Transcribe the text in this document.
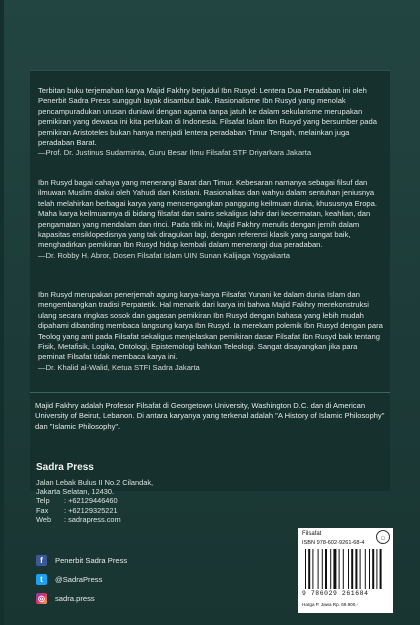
Terbitan buku terjemahan karya Majid Fakhry berjudul Ibn Rusyd: Lentera Dua Peradaban ini oleh Penerbit Sadra Press sungguh layak disambut baik. Rasionalisme Ibn Rusyd yang menolak pencampuradukan urusan duniawi dengan agama tanpa jatuh ke dalam sekularisme merupakan pemikiran yang dewasa ini kita perlukan di Indonesia. Filsafat Islam Ibn Rusyd yang bersumber pada pemikiran Aristoteles bukan hanya menjadi lentera peradaban Timur Tengah, melainkan juga peradaban Barat.

—Prof. Dr. Justinus Sudarminta, Guru Besar Ilmu Filsafat STF Driyarkara Jakarta

Ibn Rusyd bagai cahaya yang menerangi Barat dan Timur. Kebesaran namanya sebagai filsuf dan ilmuwan Muslim diakui oleh Yahudi dan Kristiani. Rasionalitas dan wahyu dalam sentuhan jeniusnya telah melahirkan berbagai karya yang mencengangkan panggung keilmuan dunia, khususnya Eropa. Maha karya keilmuannya di bidang filsafat dan sains sekaligus lahir dari kecermatan, keahlian, dan pengamatan yang mendalam dan rinci. Pada titik ini, Majid Fakhry menulis dengan jernih dalam kapasitas ensiklopedisnya yang tak diragukan lagi, dengan referensi klasik yang sangat baik, menghadirkan pemikiran Ibn Rusyd hidup kembali dalam menerangi dua peradaban.

—Dr. Robby H. Abror, Dosen Filsafat Islam UIN Sunan Kalijaga Yogyakarta

Ibn Rusyd merupakan penerjemah agung karya-karya Filsafat Yunani ke dalam dunia Islam dan mengembangkan tradisi Perpatetik. Hal menarik dari karya ini bahwa Majid Fakhry merekonstruksi ulang secara ringkas sosok dan gagasan pemikiran Ibn Rusyd dengan bahasa yang lebih mudah dipahami dibanding membaca langsung karya Ibn Rusyd. Ia merekam polemik Ibn Rusyd dengan para Teolog yang anti pada Filsafat sekaligus menjelaskan pemikiran dasar Filsafat Ibn Rusyd baik tentang Fisik, Metafisik, Logika, Ontologi, Epistemologi bahkan Teleologi. Sangat disayangkan jika para peminat Filsafat tidak membaca karya ini.

—Dr. Khalid al-Walid, Ketua STFI Sadra Jakarta

Majid Fakhry adalah Profesor Filsafat di Georgetown University, Washington D.C. dan di American University of Beirut, Lebanon. Di antara karyanya yang terkenal adalah "A History of Islamic Philosophy" dan "Islamic Philosophy".
Sadra Press
Jalan Lebak Bulus II No.2 Cilandak,
Jakarta Selatan, 12430.
Telp	: +62129446460
Fax	: +62129325221
Web	: sadrapress.com
f	Penerbit Sadra Press
t	@SadraPress
◎ sadra.press
Filsafat	◯
ISBN 978-602-9261-68-4
9 786029 261684
Harga P. Jawa Rp. 69.900,-
